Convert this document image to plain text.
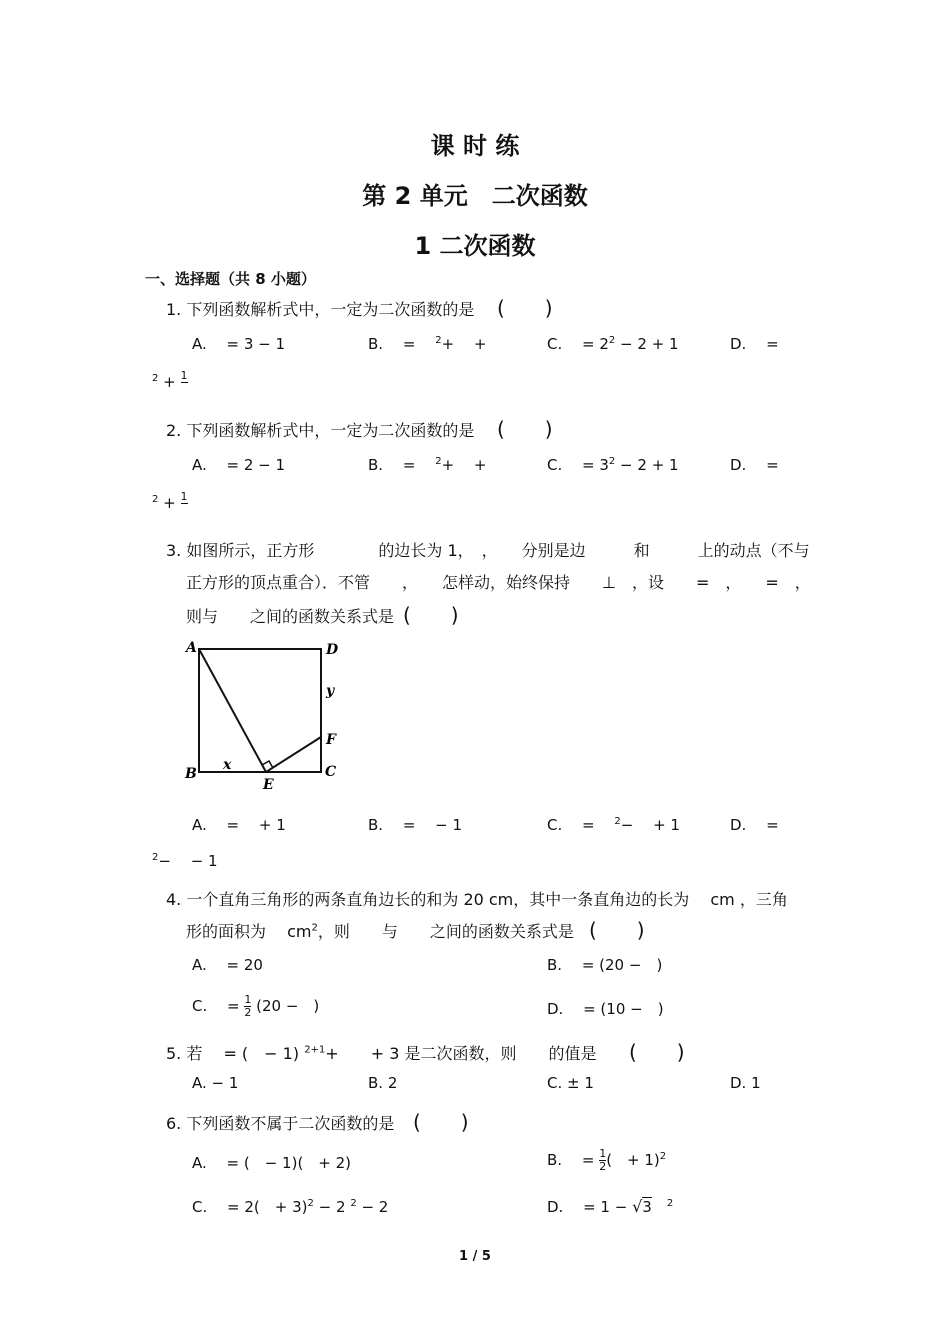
课 时 练
第 2 单元　二次函数
1 二次函数
一、选择题（共 8 小题）
1. 下列函数解析式中，一定为二次函数的是 (　　)
A.　 = 3 − 1	B.　 =　 $^2$+　 +	C.　 = $2^2 - 2 + 1$	D.　 =
$^2$ + 1

2. 下列函数解析式中，一定为二次函数的是 (　　)
A.　 = 2 − 1	B.　 =　 $^2$+　 +	C.　 = $3^2 - 2 + 1$	D.　 =
$^2$ + 1

3. 如图所示，正方形　　　　的边长为 1，　，　　分别是边　　　和　　　上的动点（不与
正方形的顶点重合）．不管　　，　　怎样动，始终保持　　⊥　，设　　=　，　　=　，
则与　　之间的函数关系式是 (　　)
A	D
B	C
E
F
x
y
A.　 =　 + 1	B.　 =　 − 1	C.　 =　 $^2$−　 + 1	D.　 =
$^2$−　 − 1
4. 一个直角三角形的两条直角边长的和为 20 cm，其中一条直角边的长为　 cm ，三角
形的面积为　 $cm^2$，则　　与　　之间的函数关系式是 (　　)
A.　 = 20	B.　 = (20 −　)
C.　 = $\frac{1}{2} (20$ −　)	D.　 = (10 −　)
5. 若　 = (　− 1) $^{2+1}$+　　+ 3 是二次函数，则　　的值是 (　　)
A. − 1	B. 2	C. ± 1	D. 1
6. 下列函数不属于二次函数的是 (　　)
A.　 = (　− 1)(　+ 2)	B.　 = $\frac{1}{2}$ (　+ 1)$^2$
C.　 = 2(　+ 3)$^2$ − 2 $^2$ − 2	D.　 = 1 − √3　 $^2$
1 / 5
